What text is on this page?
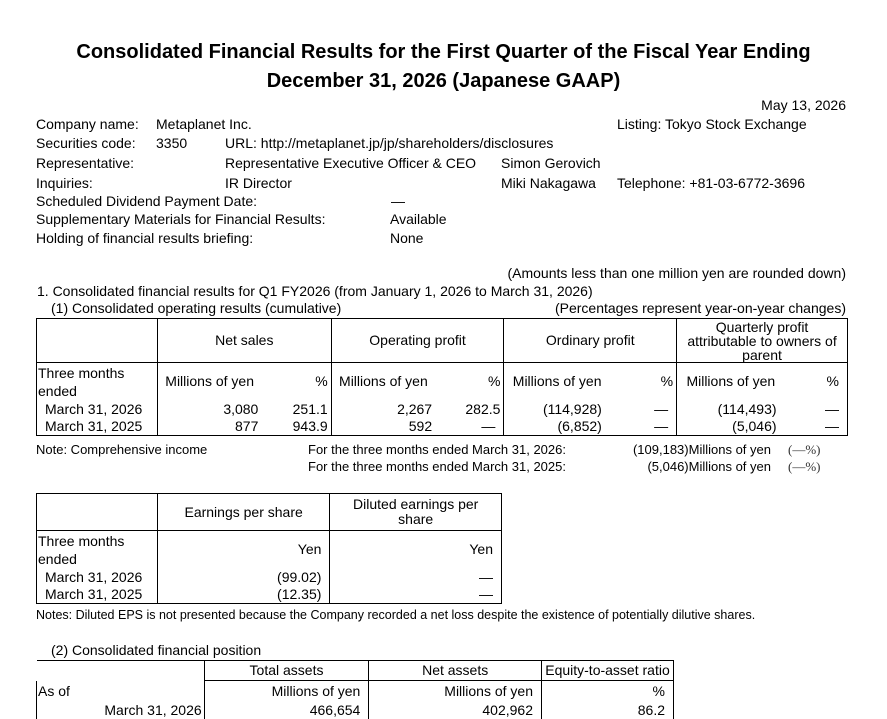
Consolidated Financial Results for the First Quarter of the Fiscal Year Ending
December 31, 2026 (Japanese GAAP)
May 13, 2026
Company name: Metaplanet Inc.	Listing: Tokyo Stock Exchange
Securities code: 3350	URL: http://metaplanet.jp/jp/shareholders/disclosures
Representative:	Representative Executive Officer & CEO Simon Gerovich
Inquiries:	IR Director	Miki Nakagawa Telephone: +81-03-6772-3696
Scheduled Dividend Payment Date:	—
Supplementary Materials for Financial Results:	Available
Holding of financial results briefing:	None
(Amounts less than one million yen are rounded down)
1. Consolidated financial results for Q1 FY2026 (from January 1, 2026 to March 31, 2026)
(1) Consolidated operating results (cumulative)	(Percentages represent year-on-year changes)
	Net sales		Operating profit		Ordinary profit		Quarterly profit
attributable to owners of
parent	

Three months
ended	Millions of yen	%	Millions of yen	%	Millions of yen	%	Millions of yen	%
March 31, 2026	3,080	251.1	2,267	282.5	(114,928)	—	(114,493)	—
March 31, 2025	877	943.9	592	—	(6,852)	—	(5,046)	—
Note: Comprehensive income	For the three months ended March 31, 2026:	(109,183)Millions of yen (—%)
For the three months ended March 31, 2025:	(5,046)Millions of yen (—%)
	Earnings per share	Diluted earnings per
share

Three months
ended	Yen	Yen
March 31, 2026	(99.02)	—
March 31, 2025	(12.35)	—
Notes: Diluted EPS is not presented because the Company recorded a net loss despite the existence of potentially dilutive shares.
(2) Consolidated financial position
	Total assets	Net assets	Equity-to-asset ratio
As of	Millions of yen	Millions of yen	%
March 31, 2026	466,654	402,962	86.2
